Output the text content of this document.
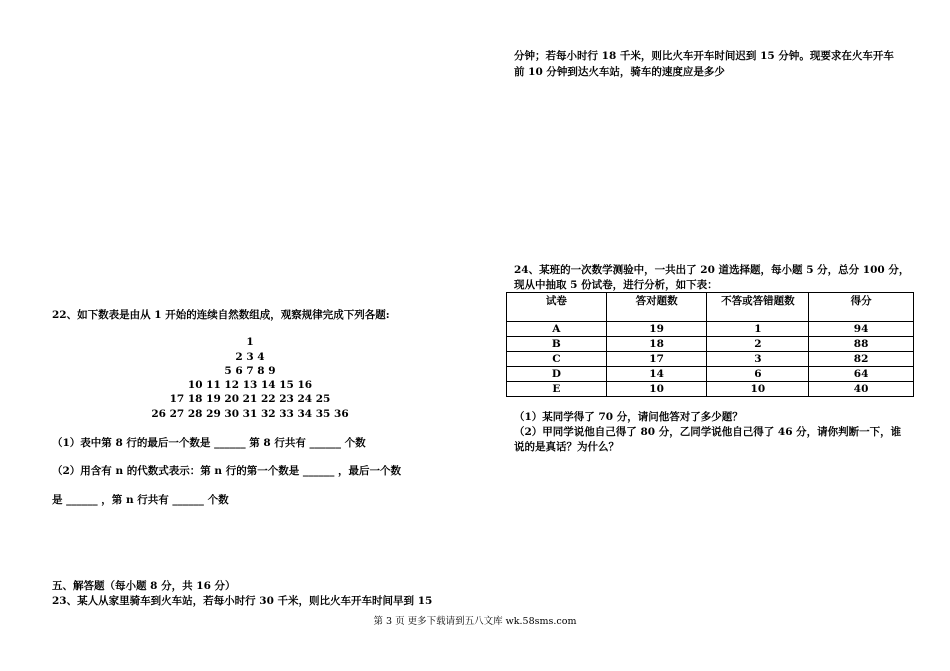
分钟；若每小时行 18 千米，则比火车开车时间迟到 15 分钟。现要求在火车开车
前 10 分钟到达火车站，骑车的速度应是多少
22、如下数表是由从 1 开始的连续自然数组成，观察规律完成下列各题:
1
2 3 4
5 6 7 8 9
10 11 12 13 14 15 16
17 18 19 20 21 22 23 24 25
26 27 28 29 30 31 32 33 34 35 36
（1）表中第 8 行的最后一个数是 ______ 第 8 行共有 ______ 个数
（2）用含有 n 的代数式表示：第 n 行的第一个数是 ______ ，最后一个数
是 ______ ，第 n 行共有 ______ 个数
五、解答题（每小题 8 分，共 16 分）
23、某人从家里骑车到火车站，若每小时行 30 千米，则比火车开车时间早到 15
24、某班的一次数学测验中，一共出了 20 道选择题，每小题 5 分，总分 100 分，
现从中抽取 5 份试卷，进行分析，如下表：
试卷	答对题数	不答或答错题数	得分
A	19	1	94
B	18	2	88
C	17	3	82
D	14	6	64
E	10	10	40
（1）某同学得了 70 分，请问他答对了多少题？
（2）甲同学说他自己得了 80 分，乙同学说他自己得了 46 分，请你判断一下，谁
说的是真话？为什么？
第 3 页 更多下载请到五八文库 wk.58sms.com
